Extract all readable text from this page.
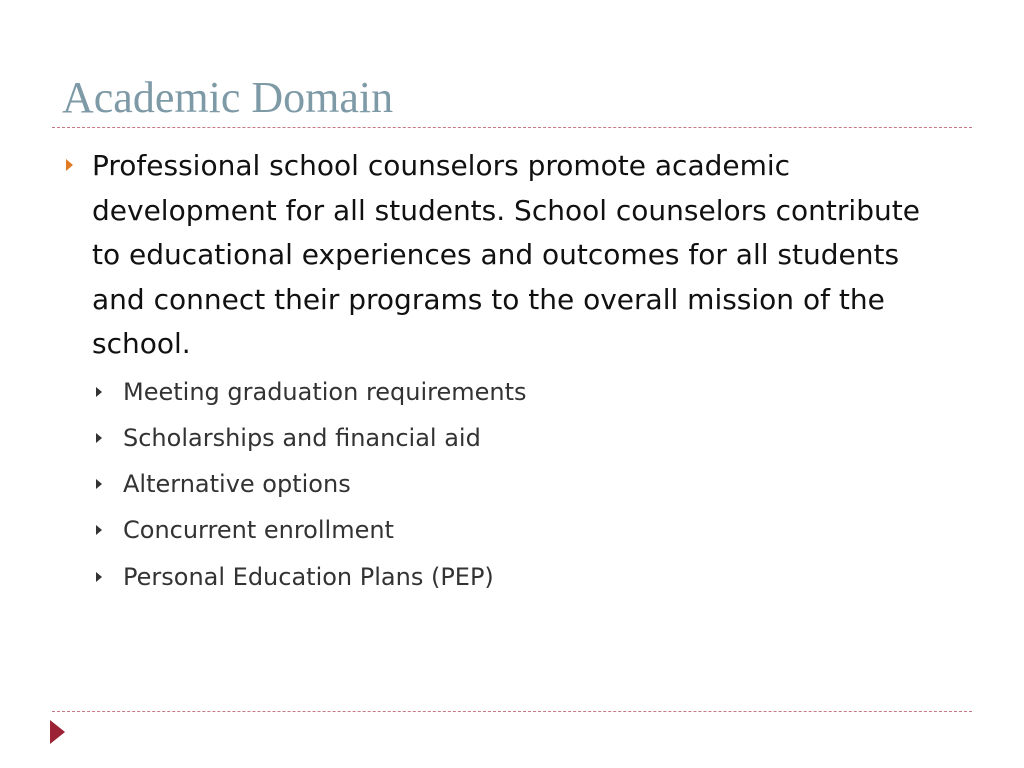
Academic Domain
Professional school counselors promote academic development for all students. School counselors contribute to educational experiences and outcomes for all students and connect their programs to the overall mission of the school.
Meeting graduation requirements
Scholarships and financial aid
Alternative options
Concurrent enrollment
Personal Education Plans (PEP)
